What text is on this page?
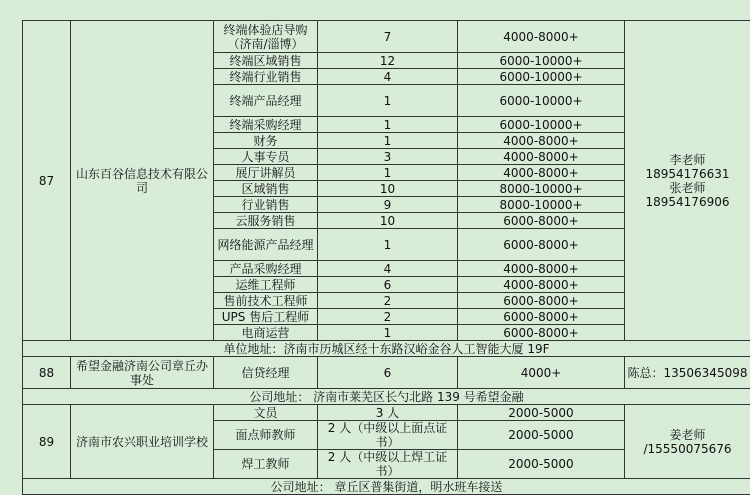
87	山东百谷信息技术有限公司	终端体验店导购（济南/淄博）	7	4000-8000+	李老师 18954176631
张老师 18954176906

		终端区域销售	12	6000-10000+	
		终端行业销售	4	6000-10000+	
		终端产品经理	1	6000-10000+	
		终端采购经理	1	6000-10000+	
		财务	1	4000-8000+	
		人事专员	3	4000-8000+	
		展厅讲解员	1	4000-8000+	
		区域销售	10	8000-10000+	
		行业销售	9	8000-10000+	
		云服务销售	10	6000-8000+	
		网络能源产品经理	1	6000-8000+	
		产品采购经理	4	4000-8000+	
		运维工程师	6	4000-8000+	
		售前技术工程师	2	6000-8000+	
		UPS 售后工程师	2	6000-8000+	
		电商运营	1	6000-8000+	
单位地址：济南市历城区经十东路汉峪金谷人工智能大厦 19F					
88	希望金融济南公司章丘办事处	信贷经理	6	4000+	陈总：13506345098
公司地址： 济南市莱芜区长勺北路 139 号希望金融					
89	济南市农兴职业培训学校	文员	3 人	2000-5000	姜老师
/15550075676

		面点师教师	2 人（中级以上面点证书）	2000-5000	
		焊工教师	2 人（中级以上焊工证书）	2000-5000	
公司地址： 章丘区普集街道，明水班车接送					
